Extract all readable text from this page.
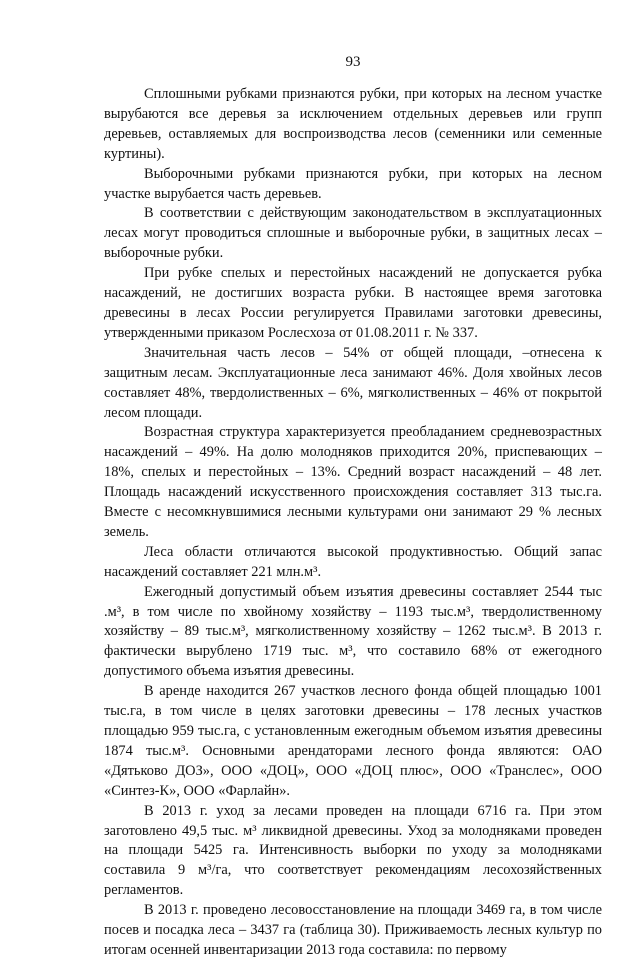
93

Сплошными рубками признаются рубки, при которых на лесном участке вырубаются все деревья за исключением отдельных деревьев или групп деревьев, оставляемых для воспроизводства лесов (семенники или семенные куртины).

Выборочными рубками признаются рубки, при которых на лесном участке вырубается часть деревьев.

В соответствии с действующим законодательством в эксплуатационных лесах могут проводиться сплошные и выборочные рубки, в защитных лесах – выборочные рубки.

При рубке спелых и перестойных насаждений не допускается рубка насаждений, не достигших возраста рубки. В настоящее время заготовка древесины в лесах России регулируется Правилами заготовки древесины, утвержденными приказом Рослесхоза от 01.08.2011 г. № 337.

Значительная часть лесов – 54% от общей площади, –отнесена к защитным лесам. Эксплуатационные леса занимают 46%. Доля хвойных лесов составляет 48%, твердолиственных – 6%, мягколиственных – 46% от покрытой лесом площади.

Возрастная структура характеризуется преобладанием средневозрастных насаждений – 49%. На долю молодняков приходится 20%, приспевающих – 18%, спелых и перестойных – 13%. Средний возраст насаждений – 48 лет. Площадь насаждений искусственного происхождения составляет 313 тыс.га. Вместе с несомкнувшимися лесными культурами они занимают 29 % лесных земель.

Леса области отличаются высокой продуктивностью. Общий запас насаждений составляет 221 млн.м³.

Ежегодный допустимый объем изъятия древесины составляет 2544 тыс .м³, в том числе по хвойному хозяйству – 1193 тыс.м³, твердолиственному хозяйству – 89 тыс.м³, мягколиственному хозяйству – 1262 тыс.м³. В 2013 г. фактически вырублено 1719 тыс. м³, что составило 68% от ежегодного допустимого объема изъятия древесины.

В аренде находится 267 участков лесного фонда общей площадью 1001 тыс.га, в том числе в целях заготовки древесины – 178 лесных участков площадью 959 тыс.га, с установленным ежегодным объемом изъятия древесины 1874 тыс.м³. Основными арендаторами лесного фонда являются: ОАО «Дятьково ДОЗ», ООО «ДОЦ», ООО «ДОЦ плюс», ООО «Транслес», ООО «Синтез-К», ООО «Фарлайн».

В 2013 г. уход за лесами проведен на площади 6716 га. При этом заготовлено 49,5 тыс. м³ ликвидной древесины. Уход за молодняками проведен на площади 5425 га. Интенсивность выборки по уходу за молодняками составила 9 м³/га, что соответствует рекомендациям лесохозяйственных регламентов.

В 2013 г. проведено лесовосстановление на площади 3469 га, в том числе посев и посадка леса – 3437 га (таблица 30). Приживаемость лесных культур по итогам осенней инвентаризации 2013 года составила: по первому
